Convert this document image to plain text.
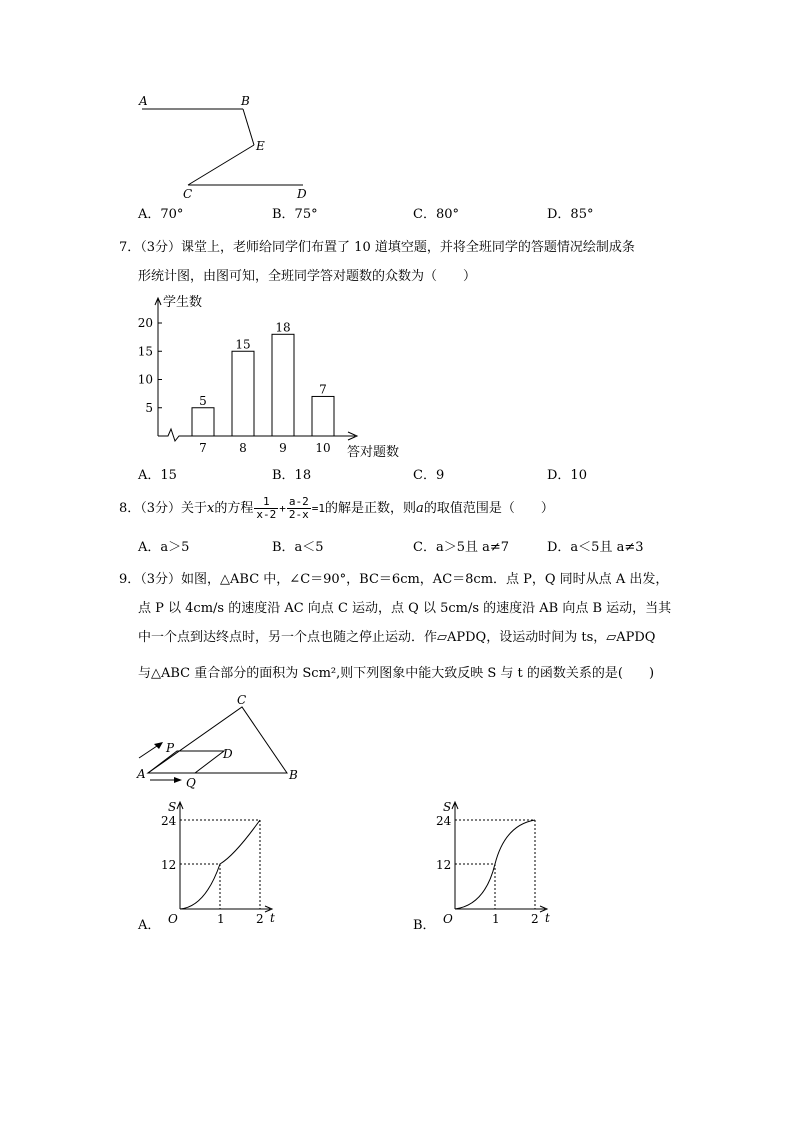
A	B
E
C	D
A．70°	B．75°	C．80°	D．85°
7．（3分）课堂上，老师给同学们布置了 10 道填空题，并将全班同学的答题情况绘制成条
形统计图，由图可知，全班同学答对题数的众数为（　　）
5
10
15
20
学生数
答对题数
5
7
15
8
18
9
7
10
A．15	B．18	C．9	D．10
8．（3分）关于x的方程 $\frac{1}{x-2} + \frac{a-2}{2-x} =1$的解是正数，则a的取值范围是（　　）
A．a＞5	B．a＜5	C．a＞5且 a≠7	D．a＜5且 a≠3
9．（3分）如图，△ABC 中，∠C＝90°，BC＝6cm，AC＝8cm．点 P，Q 同时从点 A 出发，
点 P 以 4cm/s 的速度沿 AC 向点 C 运动，点 Q 以 5cm/s 的速度沿 AB 向点 B 运动，当其
中一个点到达终点时，另一个点也随之停止运动．作▱APDQ，设运动时间为 ts，▱APDQ
与△ABC 重合部分的面积为 Scm²,则下列图象中能大致反映 S 与 t 的函数关系的是(　　)
C
P	D
A
Q
B
S
24
12
O	1	2 t
A．
S
24
12
O	1	2 t
B．
